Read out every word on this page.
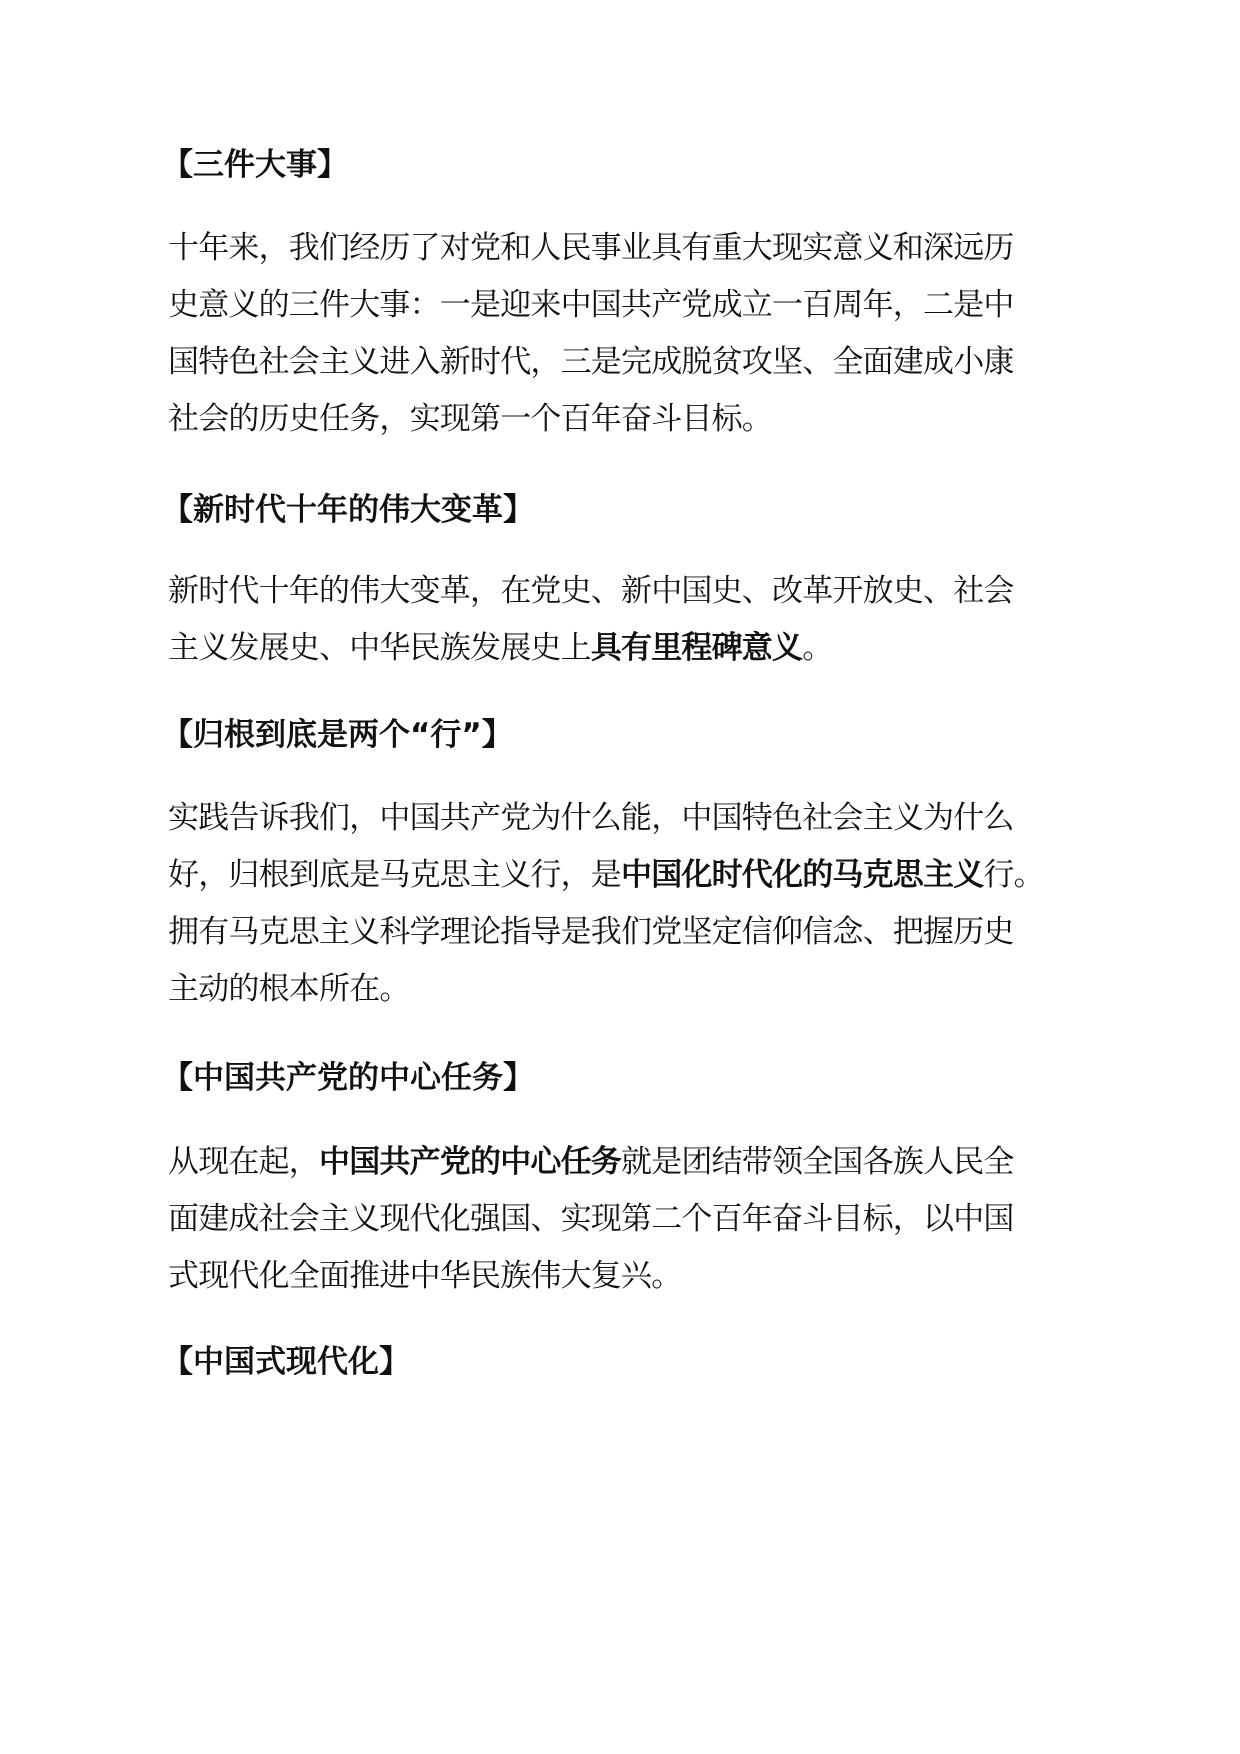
【三件大事】
十年来，我们经历了对党和人民事业具有重大现实意义和深远历
史意义的三件大事：一是迎来中国共产党成立一百周年，二是中
国特色社会主义进入新时代，三是完成脱贫攻坚、全面建成小康
社会的历史任务，实现第一个百年奋斗目标。
【新时代十年的伟大变革】
新时代十年的伟大变革，在党史、新中国史、改革开放史、社会
主义发展史、中华民族发展史上具有里程碑意义。
【归根到底是两个“行”】
实践告诉我们，中国共产党为什么能，中国特色社会主义为什么
好，归根到底是马克思主义行，是中国化时代化的马克思主义行。
拥有马克思主义科学理论指导是我们党坚定信仰信念、把握历史
主动的根本所在。
【中国共产党的中心任务】
从现在起，中国共产党的中心任务就是团结带领全国各族人民全
面建成社会主义现代化强国、实现第二个百年奋斗目标，以中国
式现代化全面推进中华民族伟大复兴。
【中国式现代化】
